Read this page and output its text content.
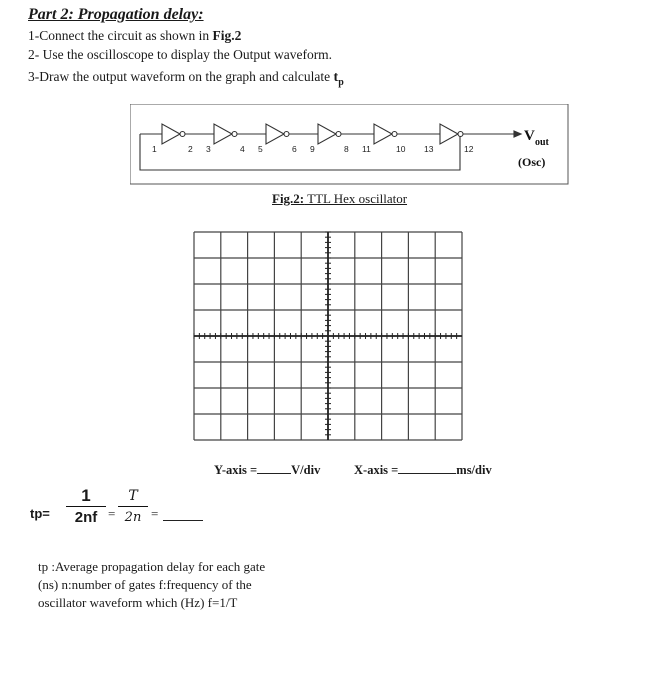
Part 2: Propagation delay:
1-Connect the circuit as shown in Fig.2
2- Use the oscilloscope to display the Output waveform.
3-Draw the output waveform on the graph and calculate $t_p$
1	2 3	4 5	6 9	8 11	10 13	12
V out
(Osc)
Fig.2: TTL Hex oscillator
Y-axis =	V/div	X-axis =	ms/div
$tp= \frac{1}{2nf} = \frac{T}{2n}$ =
tp :Average propagation delay for each gate
(ns) n:number of gates f:frequency of the
oscillator waveform which (Hz) f=1/T
